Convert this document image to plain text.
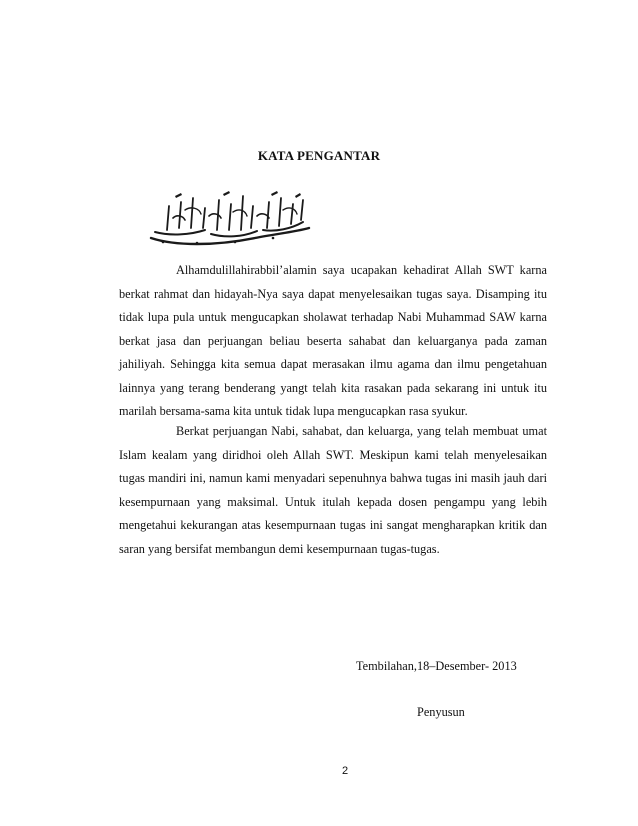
KATA PENGANTAR

Alhamdulillahirabbil’alamin saya ucapakan kehadirat Allah SWT karna berkat rahmat dan hidayah-Nya saya dapat menyelesaikan tugas saya. Disamping itu tidak lupa pula untuk mengucapkan sholawat terhadap Nabi Muhammad SAW karna berkat jasa dan perjuangan beliau beserta sahabat dan keluarganya pada zaman jahiliyah. Sehingga kita semua dapat merasakan ilmu agama dan ilmu pengetahuan lainnya yang terang benderang yangt telah kita rasakan pada sekarang ini untuk itu marilah bersama-sama kita untuk tidak lupa mengucapkan rasa syukur.

Berkat perjuangan Nabi, sahabat, dan keluarga, yang telah membuat umat Islam kealam yang diridhoi oleh Allah SWT. Meskipun kami telah menyelesaikan tugas mandiri ini, namun kami menyadari sepenuhnya bahwa tugas ini masih jauh dari kesempurnaan yang maksimal. Untuk itulah kepada dosen pengampu yang lebih mengetahui kekurangan atas kesempurnaan tugas ini sangat mengharapkan kritik dan saran yang bersifat membangun demi kesempurnaan tugas-tugas.

Tembilahan,18–Desember- 2013
Penyusun
2
